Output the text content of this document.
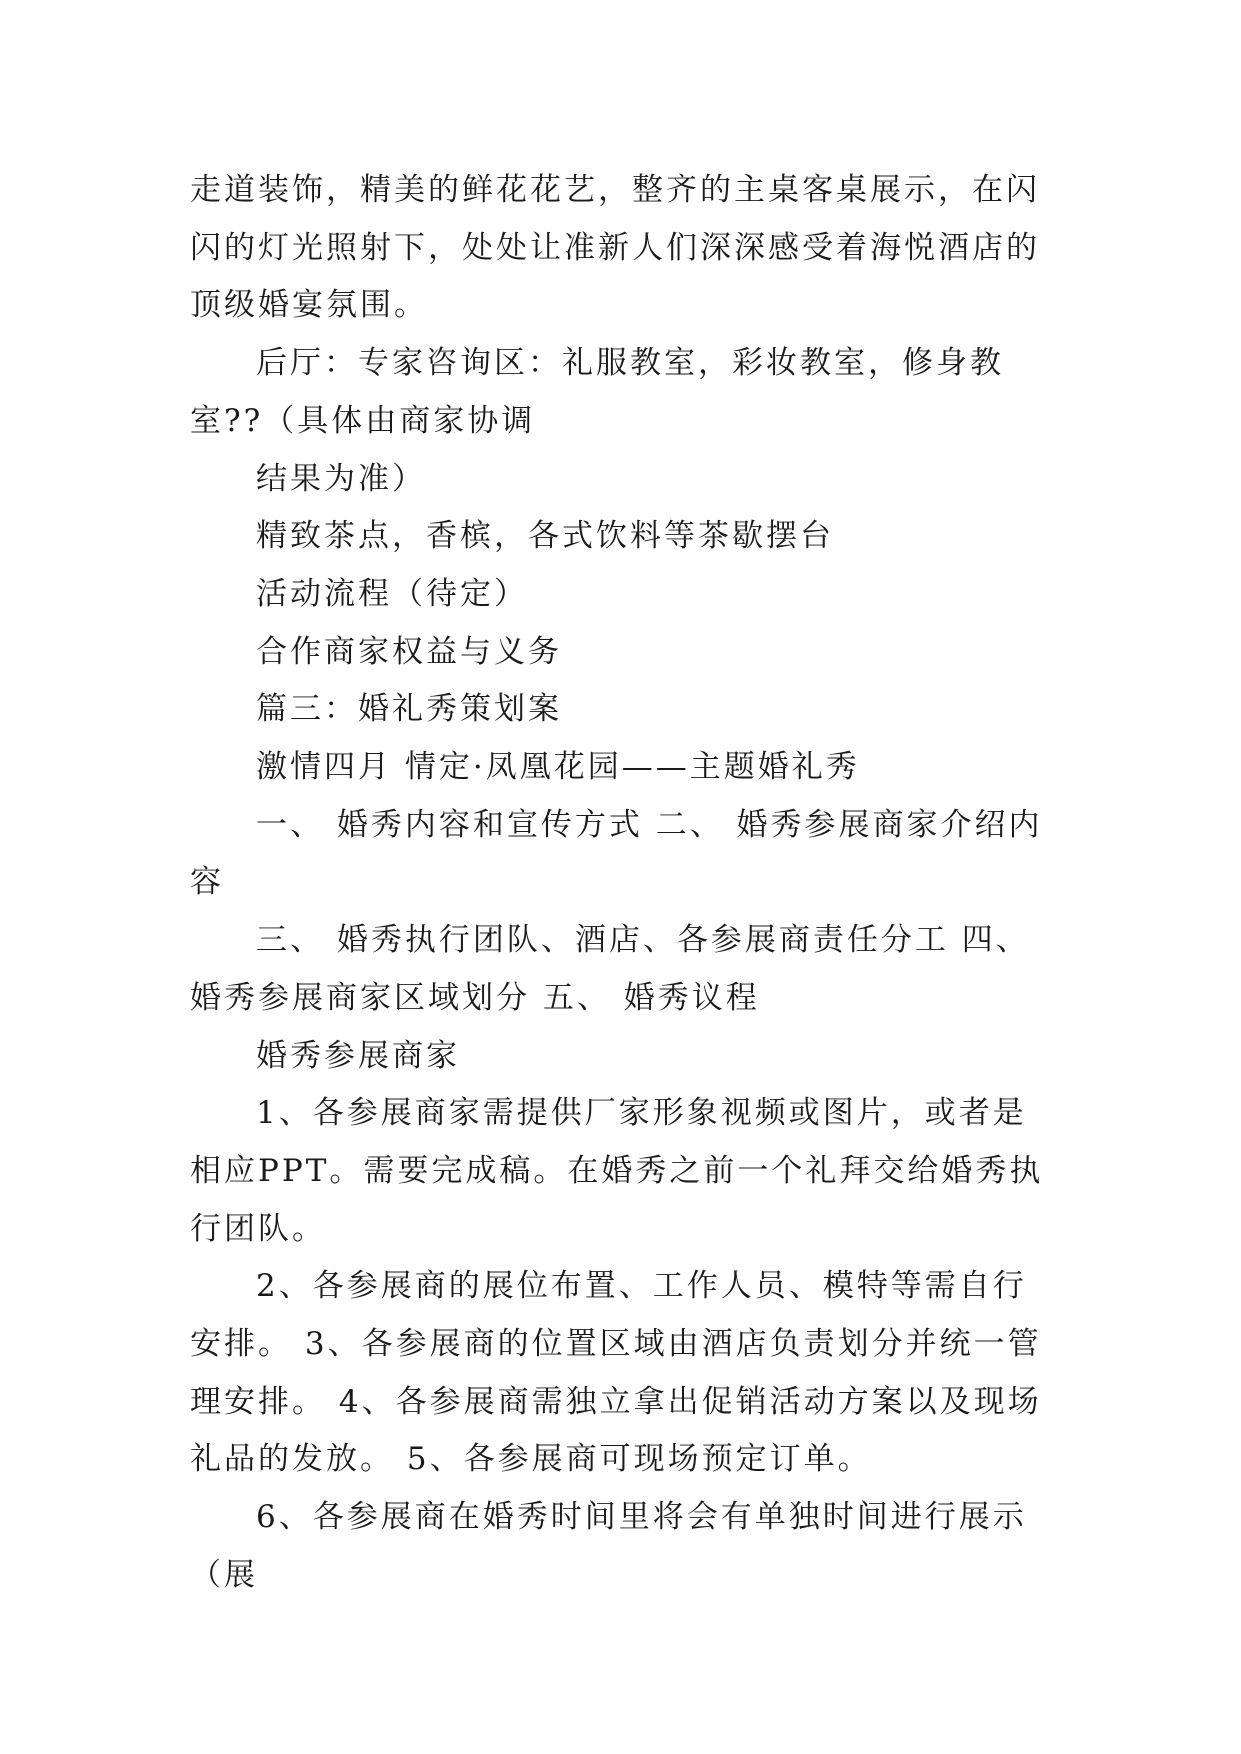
走道装饰，精美的鲜花花艺，整齐的主桌客桌展示，在闪闪的灯光照射下，处处让准新人们深深感受着海悦酒店的顶级婚宴氛围。

后厅：专家咨询区：礼服教室，彩妆教室，修身教室??（具体由商家协调

结果为准）

精致茶点，香槟，各式饮料等茶歇摆台

活动流程（待定）

合作商家权益与义务

篇三：婚礼秀策划案

激情四月 情定·凤凰花园——主题婚礼秀

一、 婚秀内容和宣传方式 二、 婚秀参展商家介绍内容

三、 婚秀执行团队、酒店、各参展商责任分工 四、 婚秀参展商家区域划分 五、 婚秀议程

婚秀参展商家

1、各参展商家需提供厂家形象视频或图片，或者是相应PPT。需要完成稿。在婚秀之前一个礼拜交给婚秀执行团队。

2、各参展商的展位布置、工作人员、模特等需自行安排。 3、各参展商的位置区域由酒店负责划分并统一管理安排。 4、各参展商需独立拿出促销活动方案以及现场礼品的发放。 5、各参展商可现场预定订单。

6、各参展商在婚秀时间里将会有单独时间进行展示（展
